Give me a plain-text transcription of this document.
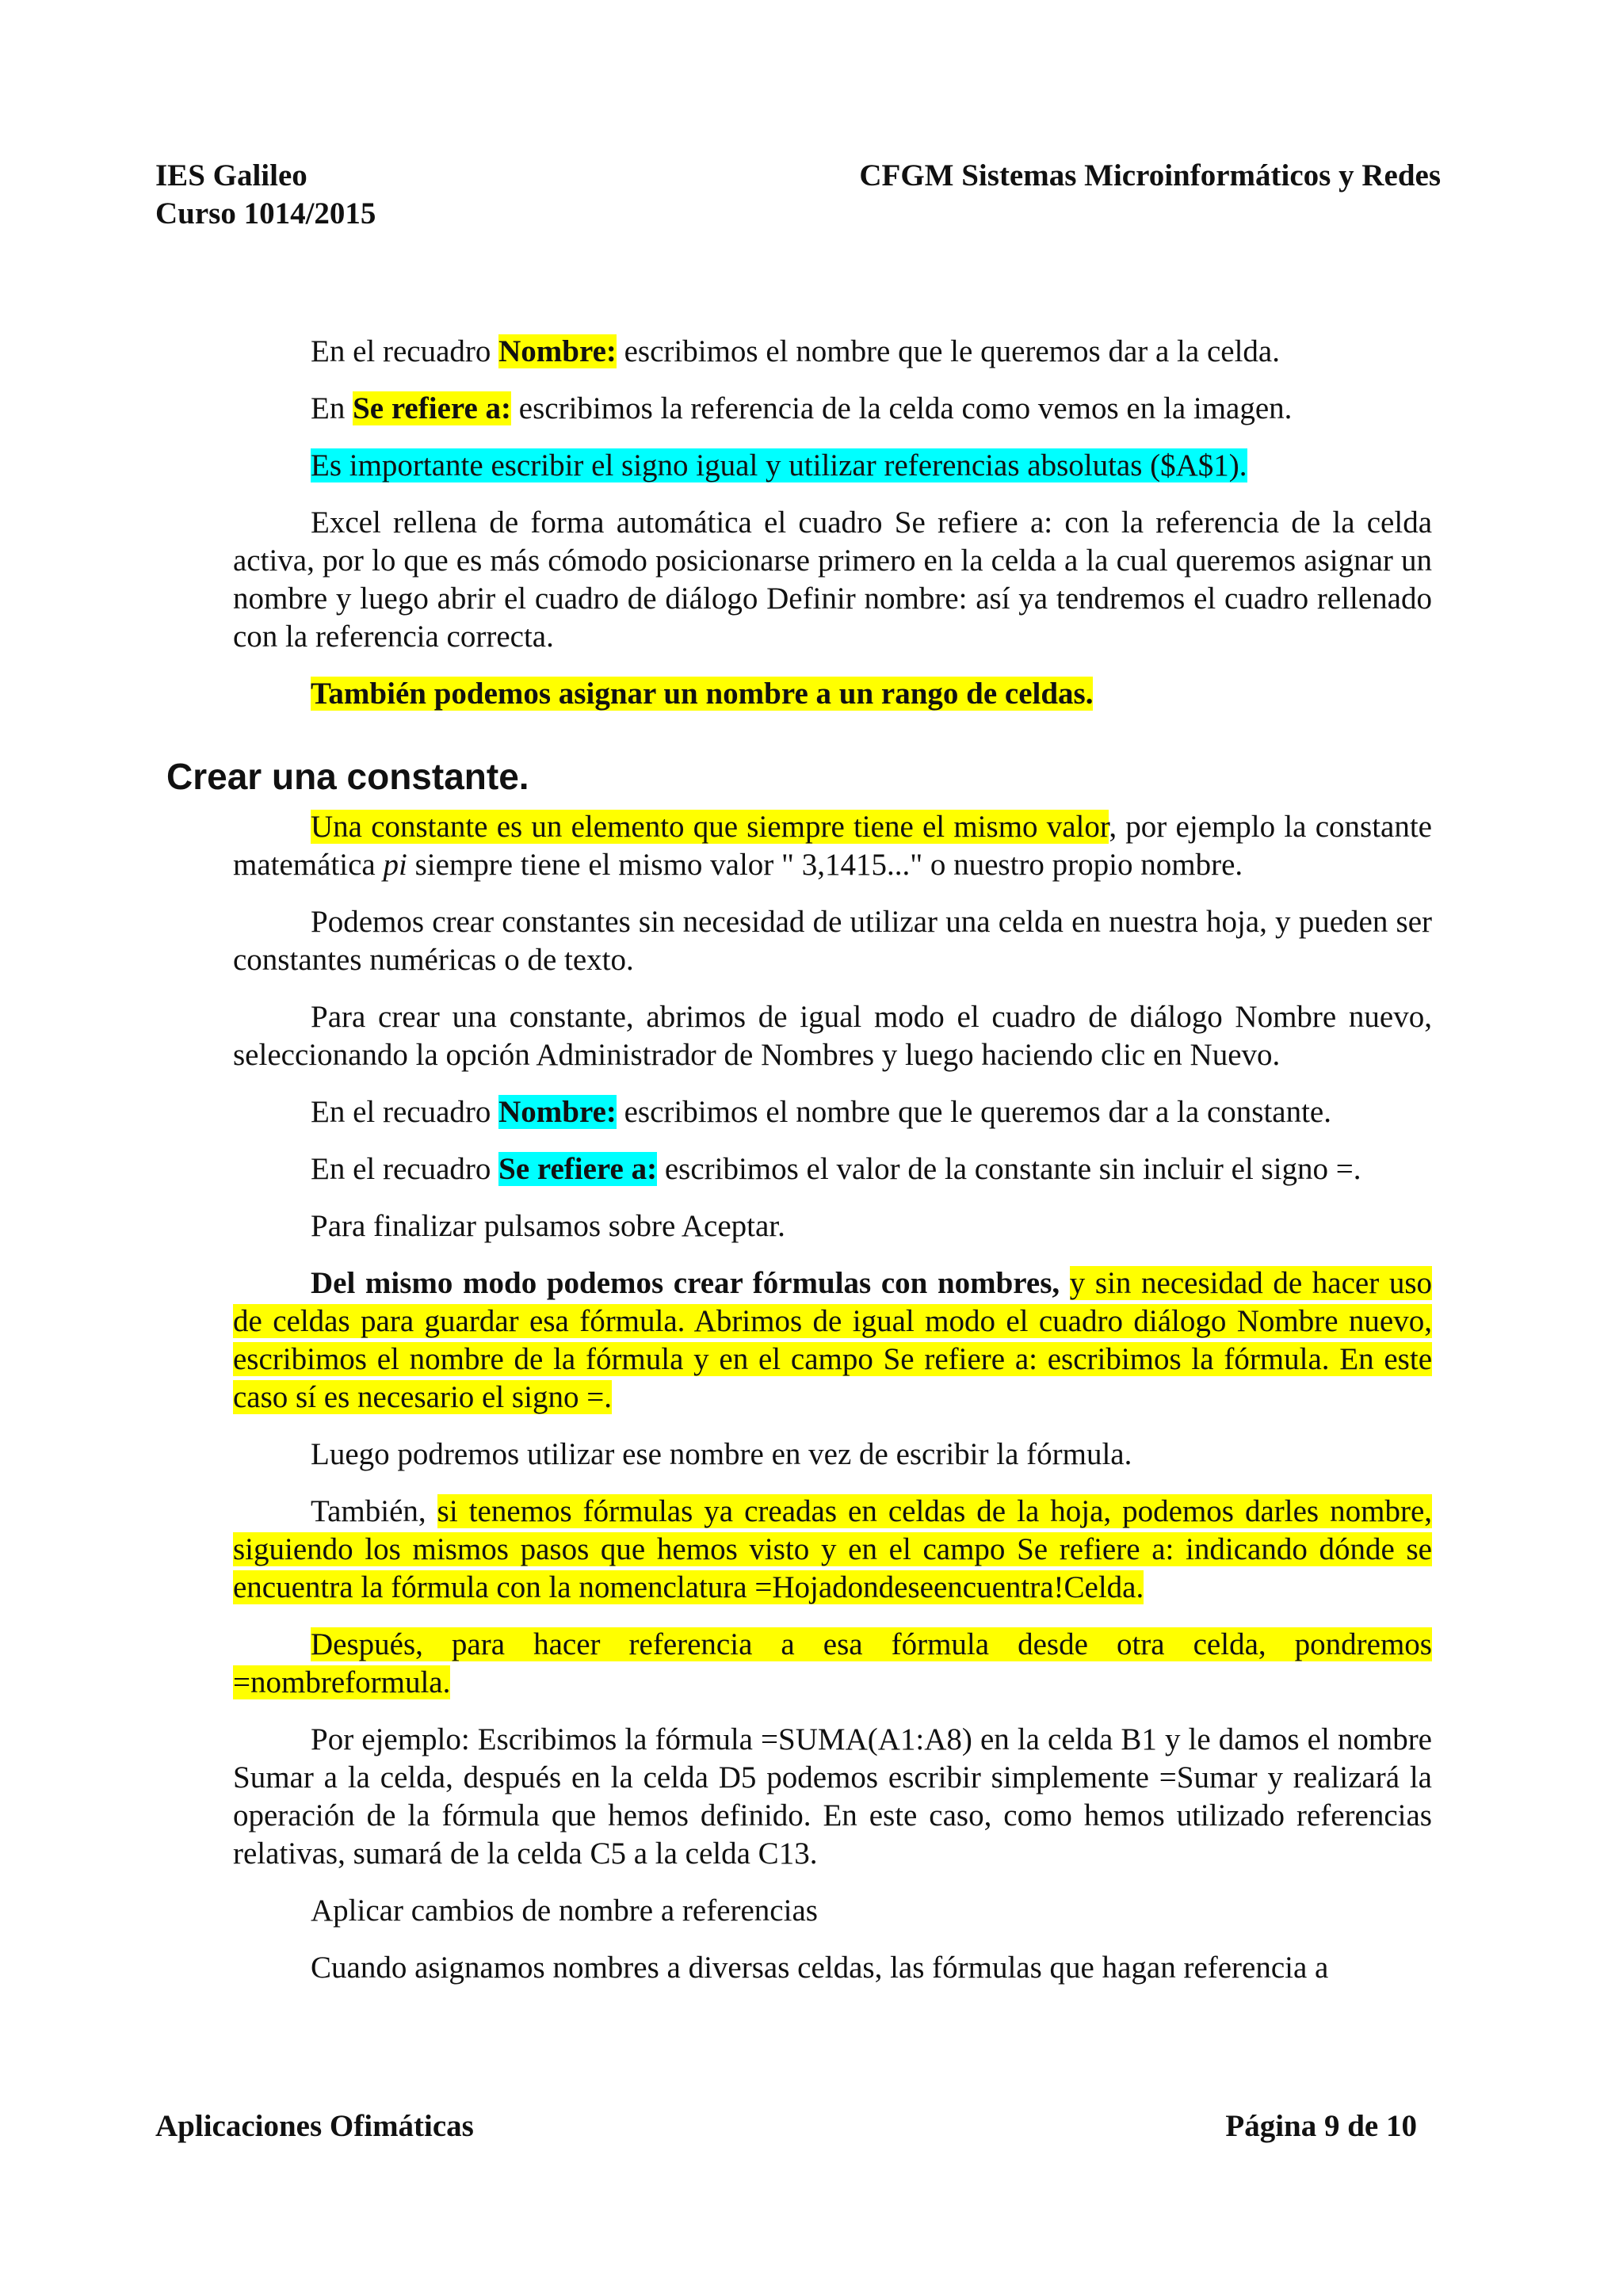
IES Galileo
Curso 1014/2015
CFGM Sistemas Microinformáticos y Redes

En el recuadro Nombre: escribimos el nombre que le queremos dar a la celda.

En Se refiere a: escribimos la referencia de la celda como vemos en la imagen.

Es importante escribir el signo igual y utilizar referencias absolutas ($A$1).

Excel rellena de forma automática el cuadro Se refiere a: con la referencia de la celda activa, por lo que es más cómodo posicionarse primero en la celda a la cual queremos asignar un nombre y luego abrir el cuadro de diálogo Definir nombre: así ya tendremos el cuadro rellenado con la referencia correcta.

También podemos asignar un nombre a un rango de celdas.

Crear una constante.

Una constante es un elemento que siempre tiene el mismo valor, por ejemplo la constante matemática pi siempre tiene el mismo valor " 3,1415..." o nuestro propio nombre.

Podemos crear constantes sin necesidad de utilizar una celda en nuestra hoja, y pueden ser constantes numéricas o de texto.

Para crear una constante, abrimos de igual modo el cuadro de diálogo Nombre nuevo, seleccionando la opción Administrador de Nombres y luego haciendo clic en Nuevo.

En el recuadro Nombre: escribimos el nombre que le queremos dar a la constante.

En el recuadro Se refiere a: escribimos el valor de la constante sin incluir el signo =.

Para finalizar pulsamos sobre Aceptar.

Del mismo modo podemos crear fórmulas con nombres, y sin necesidad de hacer uso de celdas para guardar esa fórmula. Abrimos de igual modo el cuadro diálogo Nombre nuevo, escribimos el nombre de la fórmula y en el campo Se refiere a: escribimos la fórmula. En este caso sí es necesario el signo =.

Luego podremos utilizar ese nombre en vez de escribir la fórmula.

También, si tenemos fórmulas ya creadas en celdas de la hoja, podemos darles nombre, siguiendo los mismos pasos que hemos visto y en el campo Se refiere a: indicando dónde se encuentra la fórmula con la nomenclatura =Hojadondeseencuentra!Celda.

Después, para hacer referencia a esa fórmula desde otra celda, pondremos =nombreformula.

Por ejemplo: Escribimos la fórmula =SUMA(A1:A8) en la celda B1 y le damos el nombre Sumar a la celda, después en la celda D5 podemos escribir simplemente =Sumar y realizará la operación de la fórmula que hemos definido. En este caso, como hemos utilizado referencias relativas, sumará de la celda C5 a la celda C13.

Aplicar cambios de nombre a referencias

Cuando asignamos nombres a diversas celdas, las fórmulas que hagan referencia a

Aplicaciones Ofimáticas	Página 9 de 10
